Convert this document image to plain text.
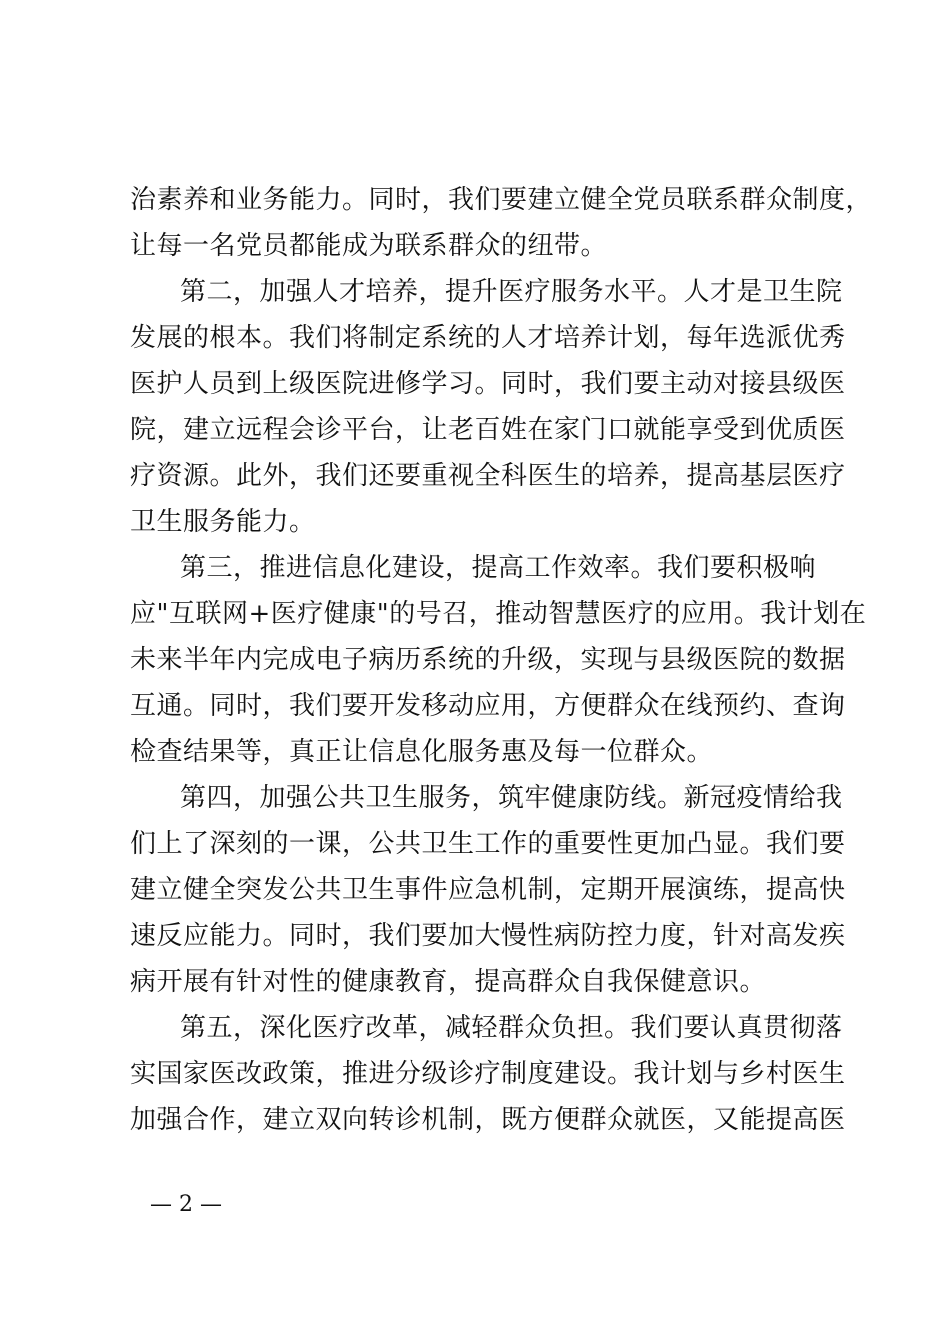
治素养和业务能力。同时，我们要建立健全党员联系群众制度，
让每一名党员都能成为联系群众的纽带。
第二，加强人才培养，提升医疗服务水平。人才是卫生院
发展的根本。我们将制定系统的人才培养计划，每年选派优秀
医护人员到上级医院进修学习。同时，我们要主动对接县级医
院，建立远程会诊平台，让老百姓在家门口就能享受到优质医
疗资源。此外，我们还要重视全科医生的培养，提高基层医疗
卫生服务能力。
第三，推进信息化建设，提高工作效率。我们要积极响
应"互联网+医疗健康"的号召，推动智慧医疗的应用。我计划在
未来半年内完成电子病历系统的升级，实现与县级医院的数据
互通。同时，我们要开发移动应用，方便群众在线预约、查询
检查结果等，真正让信息化服务惠及每一位群众。
第四，加强公共卫生服务，筑牢健康防线。新冠疫情给我
们上了深刻的一课，公共卫生工作的重要性更加凸显。我们要
建立健全突发公共卫生事件应急机制，定期开展演练，提高快
速反应能力。同时，我们要加大慢性病防控力度，针对高发疾
病开展有针对性的健康教育，提高群众自我保健意识。
第五，深化医疗改革，减轻群众负担。我们要认真贯彻落
实国家医改政策，推进分级诊疗制度建设。我计划与乡村医生
加强合作，建立双向转诊机制，既方便群众就医，又能提高医
— 2 —
